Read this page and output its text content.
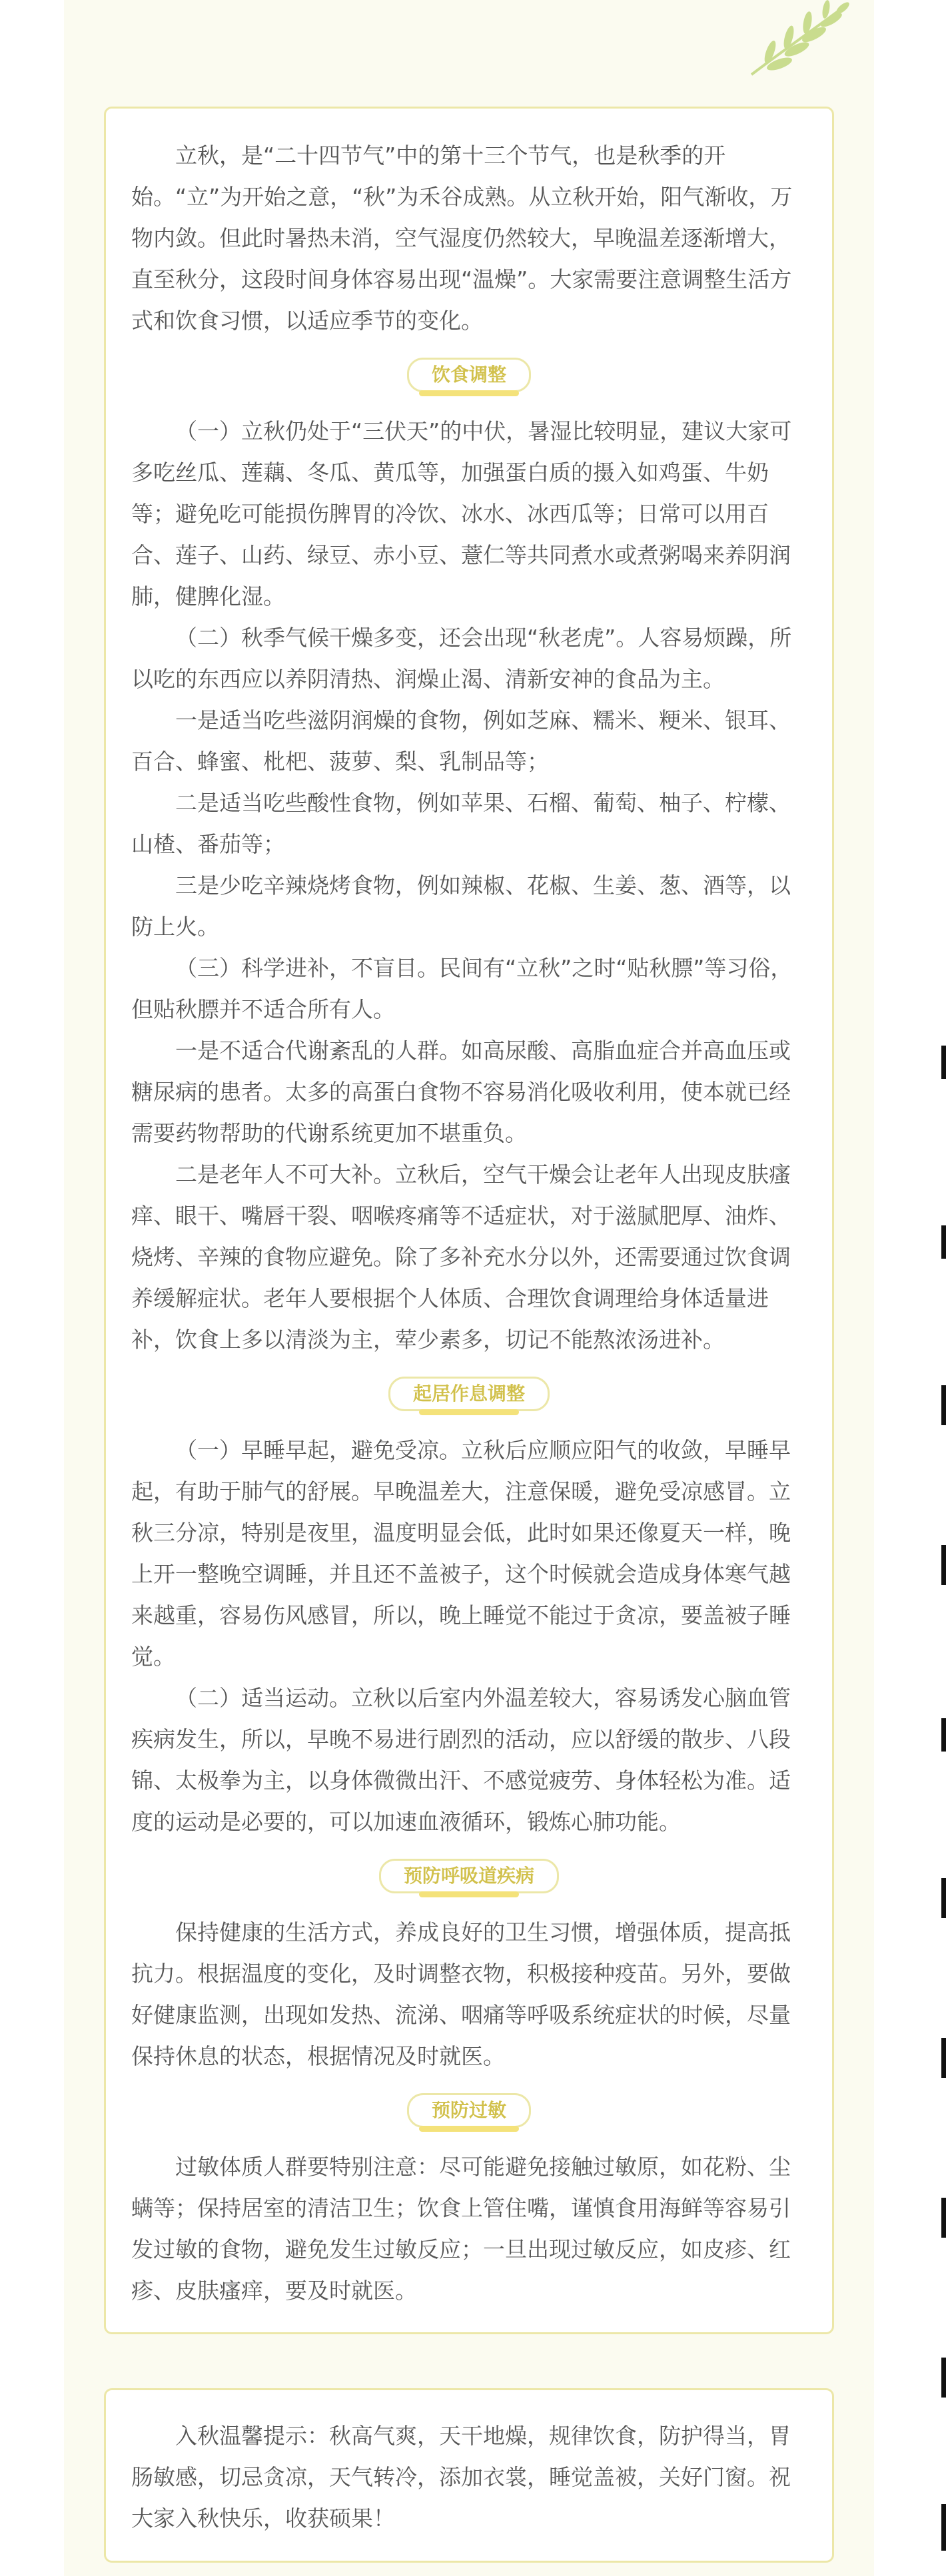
立秋，是“二十四节气”中的第十三个节气，也是秋季的开始。“立”为开始之意，“秋”为禾谷成熟。从立秋开始，阳气渐收，万物内敛。但此时暑热未消，空气湿度仍然较大，早晚温差逐渐增大，直至秋分，这段时间身体容易出现“温燥”。大家需要注意调整生活方式和饮食习惯，以适应季节的变化。

饮食调整

（一）立秋仍处于“三伏天”的中伏，暑湿比较明显，建议大家可多吃丝瓜、莲藕、冬瓜、黄瓜等，加强蛋白质的摄入如鸡蛋、牛奶等；避免吃可能损伤脾胃的冷饮、冰水、冰西瓜等；日常可以用百合、莲子、山药、绿豆、赤小豆、薏仁等共同煮水或煮粥喝来养阴润肺，健脾化湿。

（二）秋季气候干燥多变，还会出现“秋老虎”。人容易烦躁，所以吃的东西应以养阴清热、润燥止渴、清新安神的食品为主。

一是适当吃些滋阴润燥的食物，例如芝麻、糯米、粳米、银耳、百合、蜂蜜、枇杷、菠萝、梨、乳制品等；

二是适当吃些酸性食物，例如苹果、石榴、葡萄、柚子、柠檬、山楂、番茄等；

三是少吃辛辣烧烤食物，例如辣椒、花椒、生姜、葱、酒等，以防上火。

（三）科学进补，不盲目。民间有“立秋”之时“贴秋膘”等习俗，但贴秋膘并不适合所有人。

一是不适合代谢紊乱的人群。如高尿酸、高脂血症合并高血压或糖尿病的患者。太多的高蛋白食物不容易消化吸收利用，使本就已经需要药物帮助的代谢系统更加不堪重负。

二是老年人不可大补。立秋后，空气干燥会让老年人出现皮肤瘙痒、眼干、嘴唇干裂、咽喉疼痛等不适症状，对于滋腻肥厚、油炸、烧烤、辛辣的食物应避免。除了多补充水分以外，还需要通过饮食调养缓解症状。老年人要根据个人体质、合理饮食调理给身体适量进补，饮食上多以清淡为主，荤少素多，切记不能熬浓汤进补。

起居作息调整

（一）早睡早起，避免受凉。立秋后应顺应阳气的收敛，早睡早起，有助于肺气的舒展。早晚温差大，注意保暖，避免受凉感冒。立秋三分凉，特别是夜里，温度明显会低，此时如果还像夏天一样，晚上开一整晚空调睡，并且还不盖被子，这个时候就会造成身体寒气越来越重，容易伤风感冒，所以，晚上睡觉不能过于贪凉，要盖被子睡觉。

（二）适当运动。立秋以后室内外温差较大，容易诱发心脑血管疾病发生，所以，早晚不易进行剧烈的活动，应以舒缓的散步、八段锦、太极拳为主，以身体微微出汗、不感觉疲劳、身体轻松为准。适度的运动是必要的，可以加速血液循环，锻炼心肺功能。

预防呼吸道疾病

保持健康的生活方式，养成良好的卫生习惯，增强体质，提高抵抗力。根据温度的变化，及时调整衣物，积极接种疫苗。另外，要做好健康监测，出现如发热、流涕、咽痛等呼吸系统症状的时候，尽量保持休息的状态，根据情况及时就医。

预防过敏

过敏体质人群要特别注意：尽可能避免接触过敏原，如花粉、尘螨等；保持居室的清洁卫生；饮食上管住嘴，谨慎食用海鲜等容易引发过敏的食物，避免发生过敏反应；一旦出现过敏反应，如皮疹、红疹、皮肤瘙痒，要及时就医。

入秋温馨提示：秋高气爽，天干地燥，规律饮食，防护得当，胃肠敏感，切忌贪凉，天气转冷，添加衣裳，睡觉盖被，关好门窗。祝大家入秋快乐，收获硕果！
